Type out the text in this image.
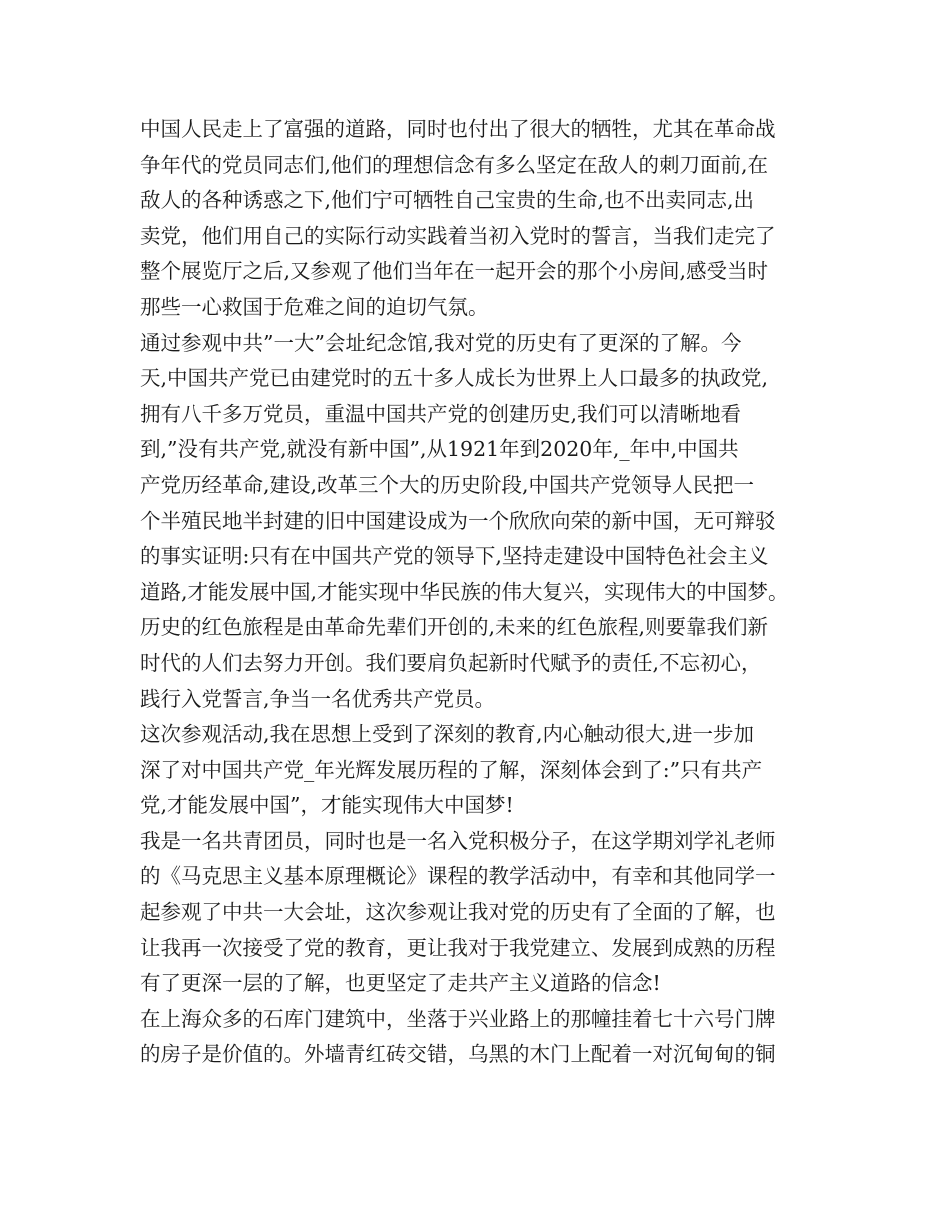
中国人民走上了富强的道路，同时也付出了很大的牺牲，尤其在革命战
争年代的党员同志们,他们的理想信念有多么坚定在敌人的刺刀面前,在
敌人的各种诱惑之下,他们宁可牺牲自己宝贵的生命,也不出卖同志,出
卖党，他们用自己的实际行动实践着当初入党时的誓言，当我们走完了
整个展览厅之后,又参观了他们当年在一起开会的那个小房间,感受当时
那些一心救国于危难之间的迫切气氛。
通过参观中共”一大”会址纪念馆,我对党的历史有了更深的了解。今
天,中国共产党已由建党时的五十多人成长为世界上人口最多的执政党,
拥有八千多万党员，重温中国共产党的创建历史,我们可以清晰地看
到,”没有共产党,就没有新中国”,从1921年到2020年,_年中,中国共
产党历经革命,建设,改革三个大的历史阶段,中国共产党领导人民把一
个半殖民地半封建的旧中国建设成为一个欣欣向荣的新中国，无可辩驳
的事实证明:只有在中国共产党的领导下,坚持走建设中国特色社会主义
道路,才能发展中国,才能实现中华民族的伟大复兴，实现伟大的中国梦。
历史的红色旅程是由革命先辈们开创的,未来的红色旅程,则要靠我们新
时代的人们去努力开创。我们要肩负起新时代赋予的责任,不忘初心，
践行入党誓言,争当一名优秀共产党员。
这次参观活动,我在思想上受到了深刻的教育,内心触动很大,进一步加
深了对中国共产党_年光辉发展历程的了解，深刻体会到了:”只有共产
党,才能发展中国”，才能实现伟大中国梦!
我是一名共青团员，同时也是一名入党积极分子，在这学期刘学礼老师
的《马克思主义基本原理概论》课程的教学活动中，有幸和其他同学一
起参观了中共一大会址，这次参观让我对党的历史有了全面的了解，也
让我再一次接受了党的教育，更让我对于我党建立、发展到成熟的历程
有了更深一层的了解，也更坚定了走共产主义道路的信念!
在上海众多的石库门建筑中，坐落于兴业路上的那幢挂着七十六号门牌
的房子是价值的。外墙青红砖交错，乌黑的木门上配着一对沉甸甸的铜
